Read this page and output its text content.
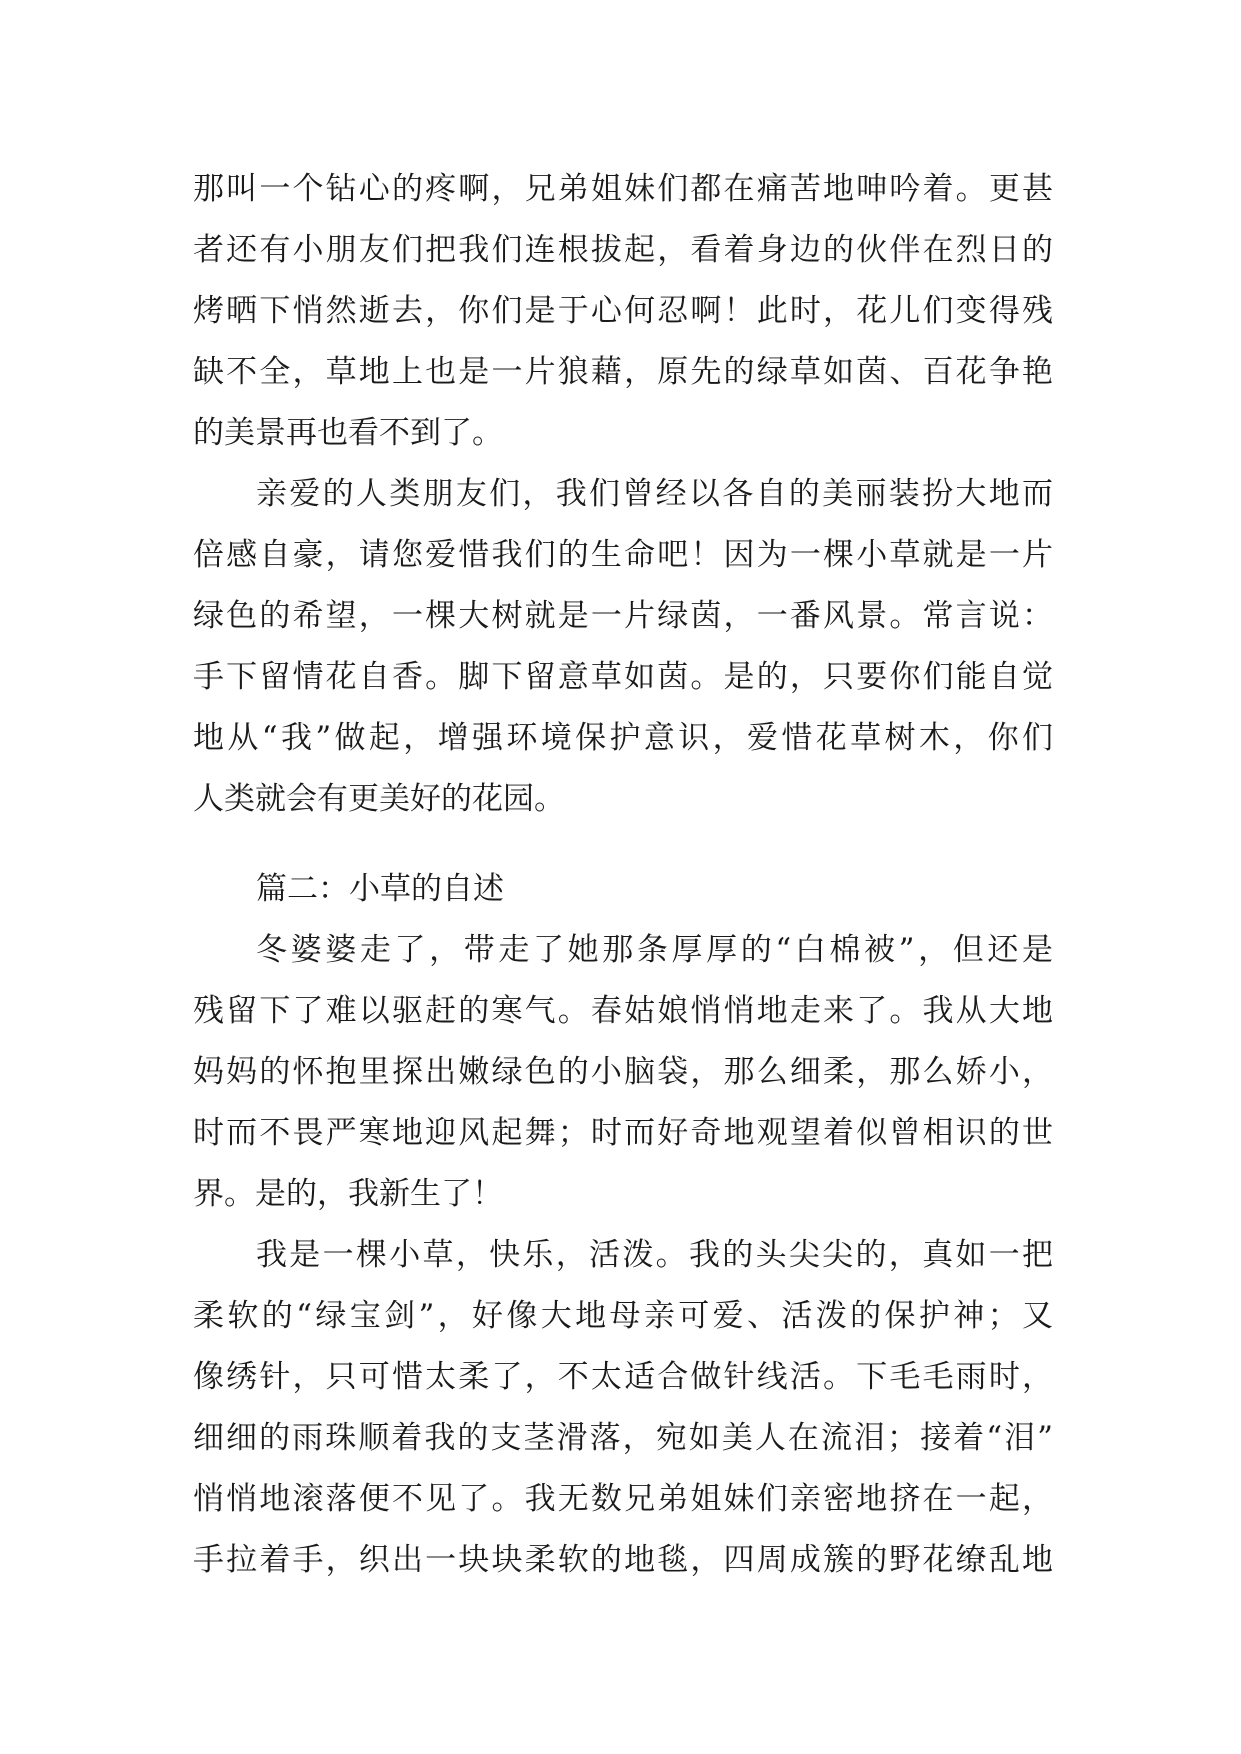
那叫一个钻心的疼啊，兄弟姐妹们都在痛苦地呻吟着。更甚
者还有小朋友们把我们连根拔起，看着身边的伙伴在烈日的
烤晒下悄然逝去，你们是于心何忍啊！此时，花儿们变得残
缺不全，草地上也是一片狼藉，原先的绿草如茵、百花争艳
的美景再也看不到了。
亲爱的人类朋友们，我们曾经以各自的美丽装扮大地而
倍感自豪，请您爱惜我们的生命吧！因为一棵小草就是一片
绿色的希望，一棵大树就是一片绿茵，一番风景。常言说：
手下留情花自香。脚下留意草如茵。是的，只要你们能自觉
地从“我”做起，增强环境保护意识，爱惜花草树木，你们
人类就会有更美好的花园。
篇二：小草的自述
冬婆婆走了，带走了她那条厚厚的“白棉被”，但还是
残留下了难以驱赶的寒气。春姑娘悄悄地走来了。我从大地
妈妈的怀抱里探出嫩绿色的小脑袋，那么细柔，那么娇小，
时而不畏严寒地迎风起舞；时而好奇地观望着似曾相识的世
界。是的，我新生了！
我是一棵小草，快乐，活泼。我的头尖尖的，真如一把
柔软的“绿宝剑”，好像大地母亲可爱、活泼的保护神；又
像绣针，只可惜太柔了，不太适合做针线活。下毛毛雨时，
细细的雨珠顺着我的支茎滑落，宛如美人在流泪；接着“泪”
悄悄地滚落便不见了。我无数兄弟姐妹们亲密地挤在一起，
手拉着手，织出一块块柔软的地毯，四周成簇的野花缭乱地
